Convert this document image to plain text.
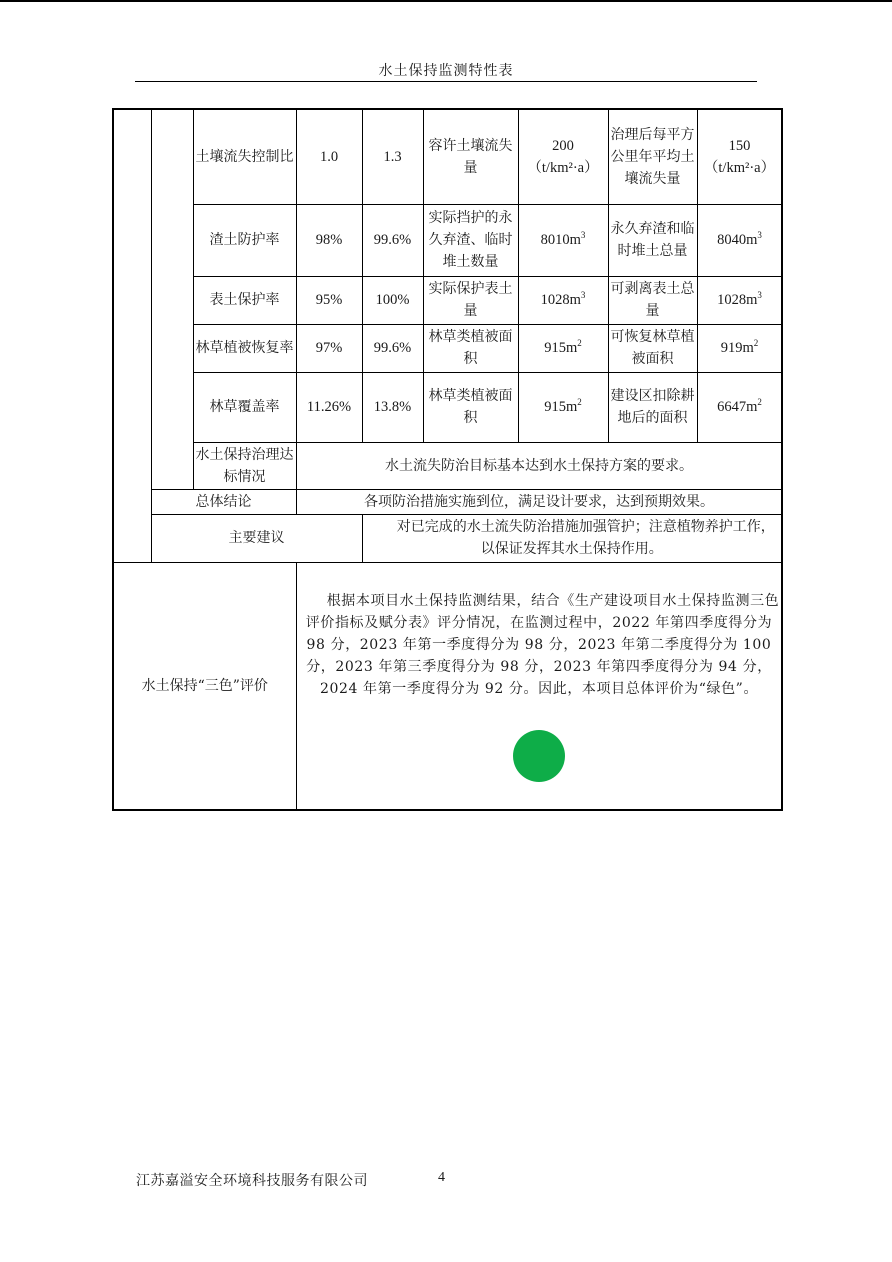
水土保持监测特性表
		土壤流失控制比	1.0	1.3	容许土壤流失量	200（t/km²·a）	治理后每平方公里年平均土壤流失量	150（t/km²·a）
		渣土防护率	98%	99.6%	实际挡护的永久弃渣、临时堆土数量	$8010m^3$	永久弃渣和临时堆土总量	$8040m^3$
		表土保护率	95%	100%	实际保护表土量	$1028m^3$	可剥离表土总量	$1028m^3$
		林草植被恢复率	97%	99.6%	林草类植被面积	$915m^2$	可恢复林草植被面积	$919m^2$
		林草覆盖率	11.26%	13.8%	林草类植被面积	$915m^2$	建设区扣除耕地后的面积	$6647m^2$
		水土保持治理达标情况	水土流失防治目标基本达到水土保持方案的要求。					
	总体结论		各项防治措施实施到位，满足设计要求，达到预期效果。					
	主要建议			对已完成的水土流失防治措施加强管护；注意植物养护工作，以保证发挥其水土保持作用。				

水土保持“三色”评价			根据本项目水土保持监测结果，结合《生产建设项目水土保持监测三色评价指标及赋分表》评分情况，在监测过程中，2022 年第四季度得分为 98 分，2023 年第一季度得分为 98 分，2023 年第二季度得分为 100 分，2023 年第三季度得分为 98 分，2023 年第四季度得分为 94 分，2024 年第一季度得分为 92 分。因此，本项目总体评价为“绿色”。					
江苏嘉溢安全环境科技服务有限公司	4
